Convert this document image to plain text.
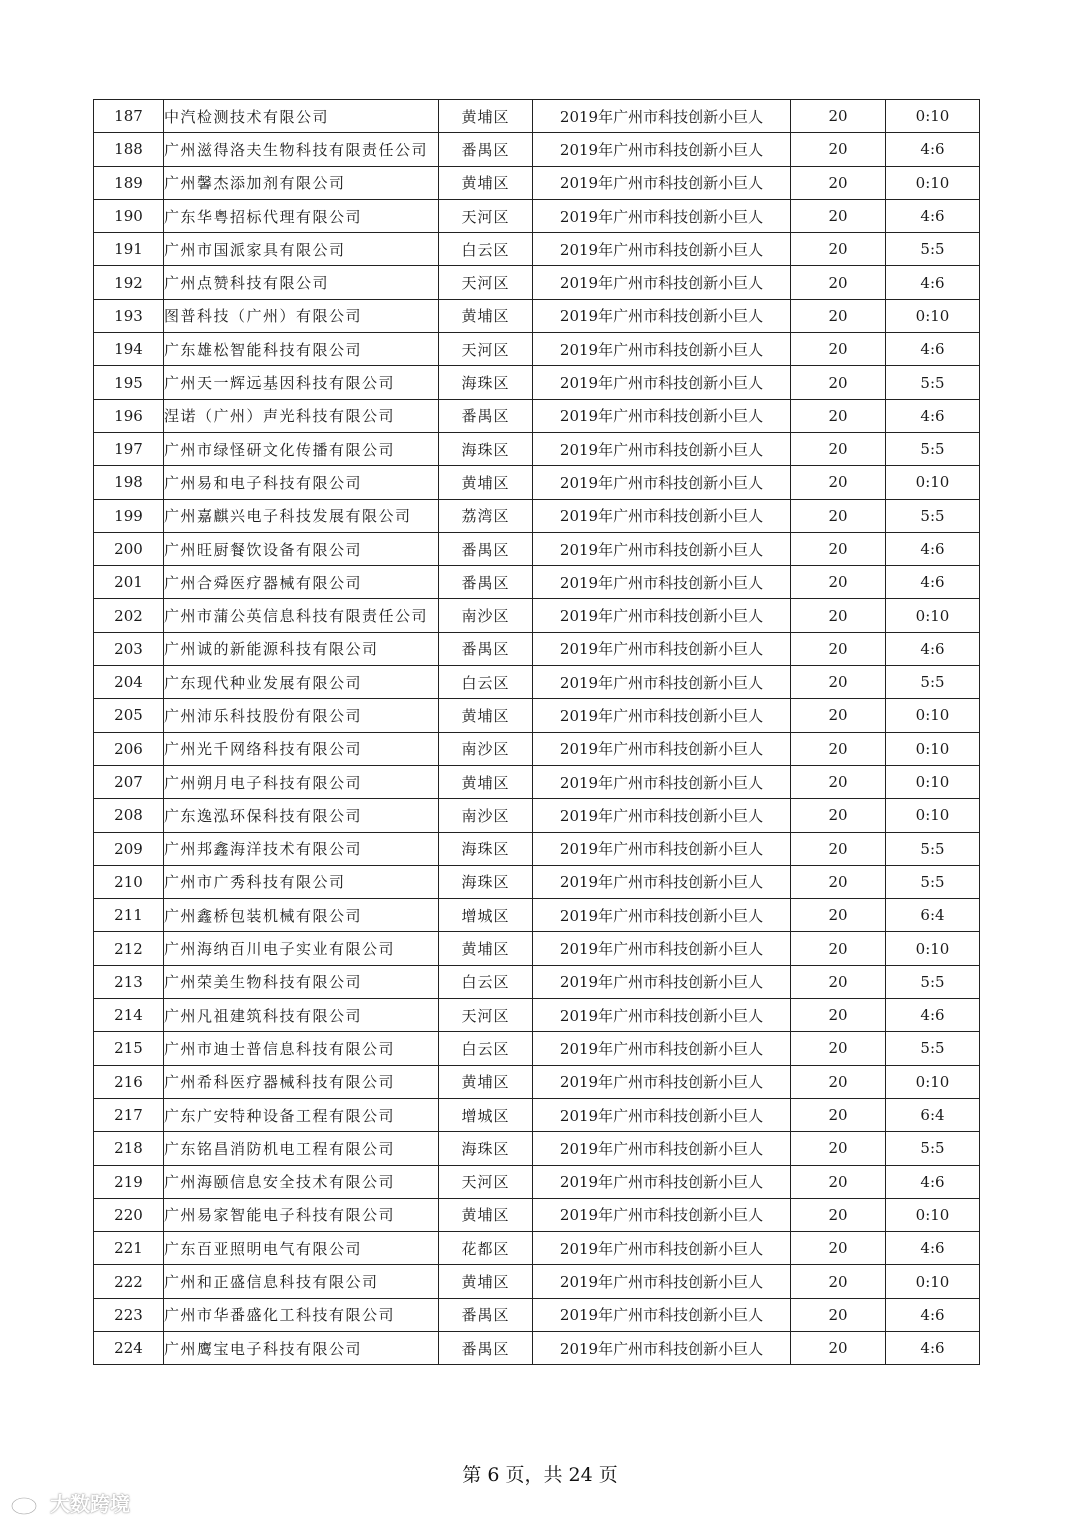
187	中汽检测技术有限公司	黄埔区	2019年广州市科技创新小巨人	20	0:10
188	广州滋得洛夫生物科技有限责任公司	番禺区	2019年广州市科技创新小巨人	20	4:6
189	广州馨杰添加剂有限公司	黄埔区	2019年广州市科技创新小巨人	20	0:10
190	广东华粤招标代理有限公司	天河区	2019年广州市科技创新小巨人	20	4:6
191	广州市国派家具有限公司	白云区	2019年广州市科技创新小巨人	20	5:5
192	广州点赞科技有限公司	天河区	2019年广州市科技创新小巨人	20	4:6
193	图普科技（广州）有限公司	黄埔区	2019年广州市科技创新小巨人	20	0:10
194	广东雄松智能科技有限公司	天河区	2019年广州市科技创新小巨人	20	4:6
195	广州天一辉远基因科技有限公司	海珠区	2019年广州市科技创新小巨人	20	5:5
196	涅诺（广州）声光科技有限公司	番禺区	2019年广州市科技创新小巨人	20	4:6
197	广州市绿怪研文化传播有限公司	海珠区	2019年广州市科技创新小巨人	20	5:5
198	广州易和电子科技有限公司	黄埔区	2019年广州市科技创新小巨人	20	0:10
199	广州嘉麒兴电子科技发展有限公司	荔湾区	2019年广州市科技创新小巨人	20	5:5
200	广州旺厨餐饮设备有限公司	番禺区	2019年广州市科技创新小巨人	20	4:6
201	广州合舜医疗器械有限公司	番禺区	2019年广州市科技创新小巨人	20	4:6
202	广州市蒲公英信息科技有限责任公司	南沙区	2019年广州市科技创新小巨人	20	0:10
203	广州诚的新能源科技有限公司	番禺区	2019年广州市科技创新小巨人	20	4:6
204	广东现代种业发展有限公司	白云区	2019年广州市科技创新小巨人	20	5:5
205	广州沛乐科技股份有限公司	黄埔区	2019年广州市科技创新小巨人	20	0:10
206	广州光千网络科技有限公司	南沙区	2019年广州市科技创新小巨人	20	0:10
207	广州朔月电子科技有限公司	黄埔区	2019年广州市科技创新小巨人	20	0:10
208	广东逸泓环保科技有限公司	南沙区	2019年广州市科技创新小巨人	20	0:10
209	广州邦鑫海洋技术有限公司	海珠区	2019年广州市科技创新小巨人	20	5:5
210	广州市广秀科技有限公司	海珠区	2019年广州市科技创新小巨人	20	5:5
211	广州鑫桥包装机械有限公司	增城区	2019年广州市科技创新小巨人	20	6:4
212	广州海纳百川电子实业有限公司	黄埔区	2019年广州市科技创新小巨人	20	0:10
213	广州荣美生物科技有限公司	白云区	2019年广州市科技创新小巨人	20	5:5
214	广州凡祖建筑科技有限公司	天河区	2019年广州市科技创新小巨人	20	4:6
215	广州市迪士普信息科技有限公司	白云区	2019年广州市科技创新小巨人	20	5:5
216	广州希科医疗器械科技有限公司	黄埔区	2019年广州市科技创新小巨人	20	0:10
217	广东广安特种设备工程有限公司	增城区	2019年广州市科技创新小巨人	20	6:4
218	广东铭昌消防机电工程有限公司	海珠区	2019年广州市科技创新小巨人	20	5:5
219	广州海颐信息安全技术有限公司	天河区	2019年广州市科技创新小巨人	20	4:6
220	广州易家智能电子科技有限公司	黄埔区	2019年广州市科技创新小巨人	20	0:10
221	广东百亚照明电气有限公司	花都区	2019年广州市科技创新小巨人	20	4:6
222	广州和正盛信息科技有限公司	黄埔区	2019年广州市科技创新小巨人	20	0:10
223	广州市华番盛化工科技有限公司	番禺区	2019年广州市科技创新小巨人	20	4:6
224	广州鹰宝电子科技有限公司	番禺区	2019年广州市科技创新小巨人	20	4:6
第 6 页，共 24 页
大数跨境
